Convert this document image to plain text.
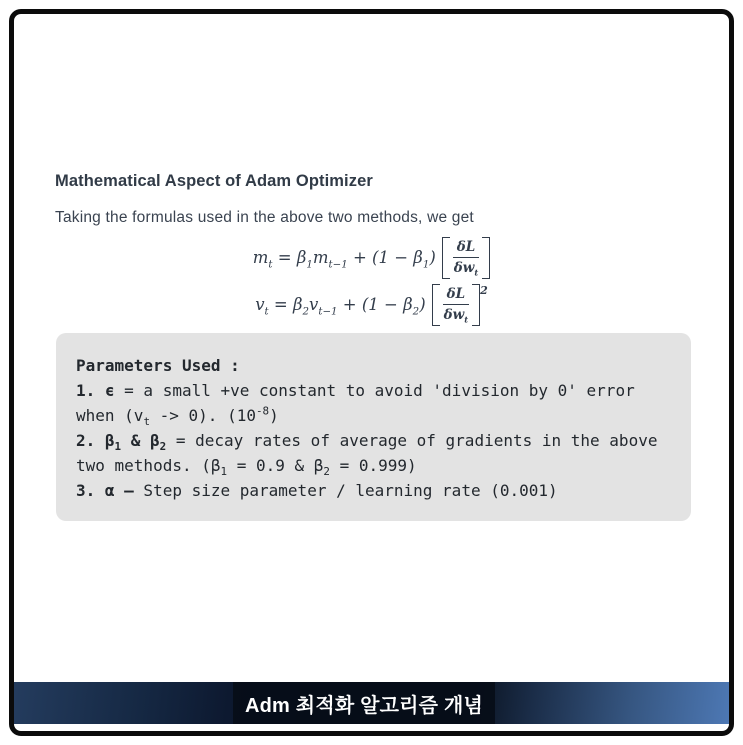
Mathematical Aspect of Adam Optimizer

Taking the formulas used in the above two methods, we get

$m_t = \beta_1m_{t-1} + (1 - \beta_1) \frac{\delta L}{\delta w_t}$
$v_t = \beta_2v_{t-1} + (1 - \beta_2) \frac{\delta L}{\delta w_t} 2$
Parameters Used :
1. ϵ = a small +ve constant to avoid 'division by 0' error
when $(v_t -> 0)$. $(10^{-8})$
2. $\beta_1$ & $\beta_2$ = decay rates of average of gradients in the above
two methods. ($\beta_1 = 0.9$ & $\beta_2 = 0.999$)
3. α – Step size parameter / learning rate (0.001)
Adm 최적화 알고리즘 개념
